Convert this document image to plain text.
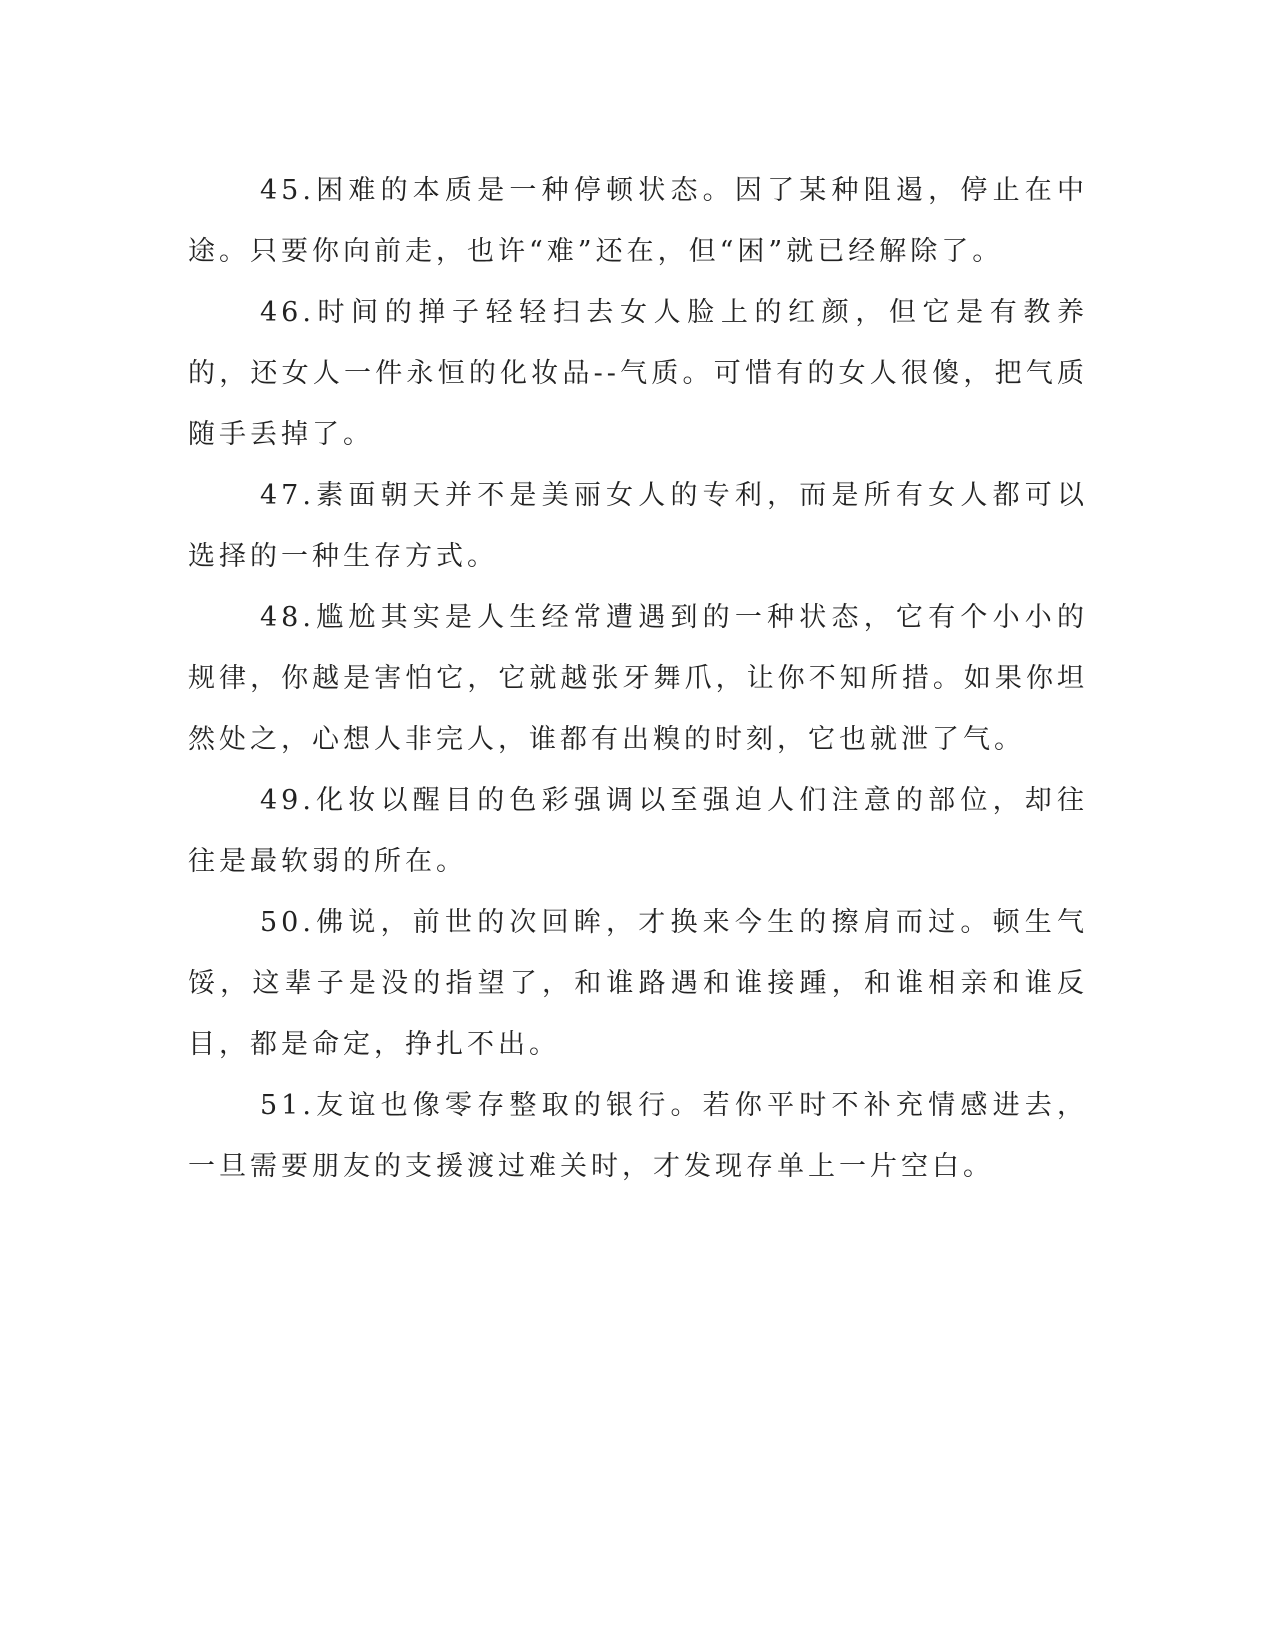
45.困难的本质是一种停顿状态。因了某种阻遏，停止在中途。只要你向前走，也许“难”还在，但“困”就已经解除了。

46.时间的掸子轻轻扫去女人脸上的红颜，但它是有教养的，还女人一件永恒的化妆品--气质。可惜有的女人很傻，把气质随手丢掉了。

47.素面朝天并不是美丽女人的专利，而是所有女人都可以选择的一种生存方式。

48.尴尬其实是人生经常遭遇到的一种状态，它有个小小的规律，你越是害怕它，它就越张牙舞爪，让你不知所措。如果你坦然处之，心想人非完人，谁都有出糗的时刻，它也就泄了气。

49.化妆以醒目的色彩强调以至强迫人们注意的部位，却往往是最软弱的所在。

50.佛说，前世的次回眸，才换来今生的擦肩而过。顿生气馁，这辈子是没的指望了，和谁路遇和谁接踵，和谁相亲和谁反目，都是命定，挣扎不出。

51.友谊也像零存整取的银行。若你平时不补充情感进去，一旦需要朋友的支援渡过难关时，才发现存单上一片空白。
